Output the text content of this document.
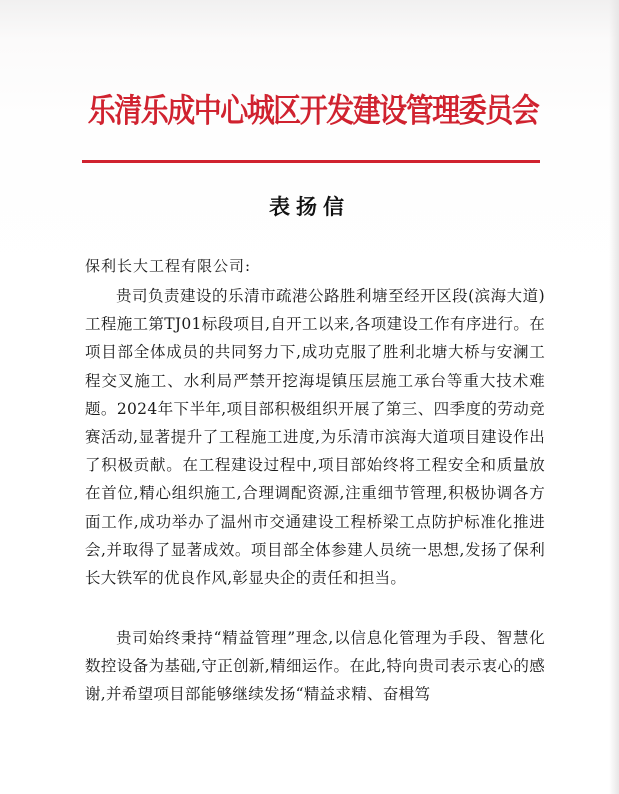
乐清乐成中心城区开发建设管理委员会
表扬信
保利长大工程有限公司:

贵司负责建设的乐清市疏港公路胜利塘至经开区段(滨海大道)工程施工第TJ01标段项目,自开工以来,各项建设工作有序进行。在项目部全体成员的共同努力下,成功克服了胜利北塘大桥与安澜工程交叉施工、水利局严禁开挖海堤镇压层施工承台等重大技术难题。2024年下半年,项目部积极组织开展了第三、四季度的劳动竞赛活动,显著提升了工程施工进度,为乐清市滨海大道项目建设作出了积极贡献。在工程建设过程中,项目部始终将工程安全和质量放在首位,精心组织施工,合理调配资源,注重细节管理,积极协调各方面工作,成功举办了温州市交通建设工程桥梁工点防护标准化推进会,并取得了显著成效。项目部全体参建人员统一思想,发扬了保利长大铁军的优良作风,彰显央企的责任和担当。

贵司始终秉持“精益管理”理念,以信息化管理为手段、智慧化数控设备为基础,守正创新,精细运作。在此,特向贵司表示衷心的感谢,并希望项目部能够继续发扬“精益求精、奋楫笃
